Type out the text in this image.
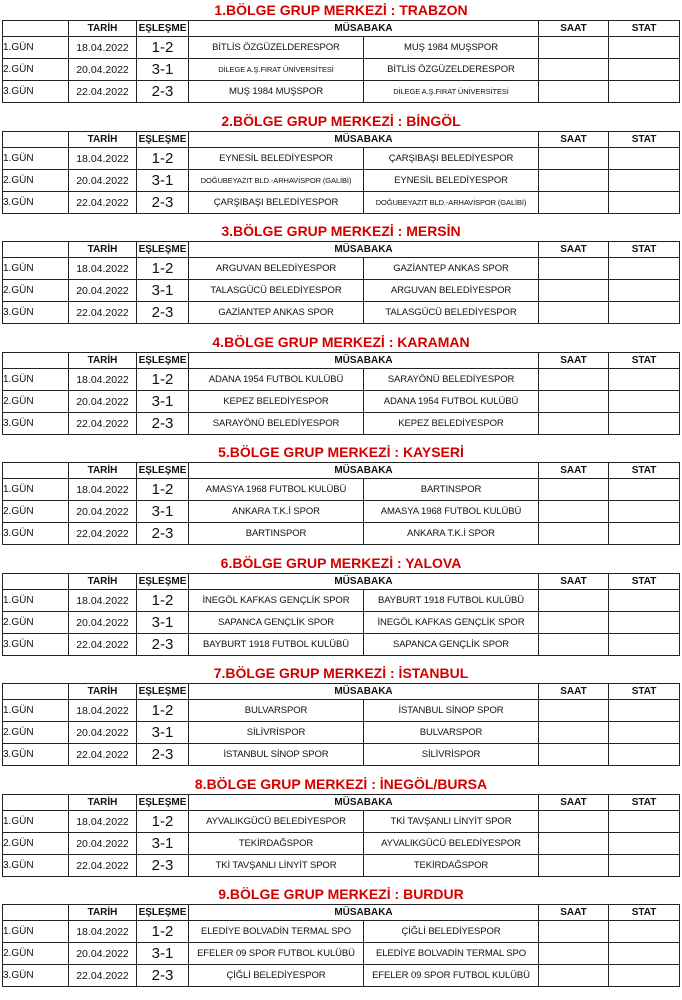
1.BÖLGE GRUP MERKEZİ : TRABZON
	TARİH	EŞLEŞME	MÜSABAKA		SAAT	STAT
1.GÜN	18.04.2022	1-2	BİTLİS ÖZGÜZELDERESPOR	MUŞ 1984 MUŞSPOR		
2.GÜN	20.04.2022	3-1	DİLEGE A.Ş.FIRAT ÜNİVERSİTESİ	BİTLİS ÖZGÜZELDERESPOR		
3.GÜN	22.04.2022	2-3	MUŞ 1984 MUŞSPOR	DİLEGE A.Ş.FIRAT ÜNİVERSİTESİ		
2.BÖLGE GRUP MERKEZİ : BİNGÖL
	TARİH	EŞLEŞME	MÜSABAKA		SAAT	STAT
1.GÜN	18.04.2022	1-2	EYNESİL BELEDİYESPOR	ÇARŞIBAŞI BELEDİYESPOR		
2.GÜN	20.04.2022	3-1	DOĞUBEYAZIT BLD.-ARHAVİSPOR (GALİBİ)	EYNESİL BELEDİYESPOR		
3.GÜN	22.04.2022	2-3	ÇARŞIBAŞI BELEDİYESPOR	DOĞUBEYAZIT BLD.-ARHAVİSPOR (GALİBİ)		
3.BÖLGE GRUP MERKEZİ : MERSİN
	TARİH	EŞLEŞME	MÜSABAKA		SAAT	STAT
1.GÜN	18.04.2022	1-2	ARGUVAN BELEDİYESPOR	GAZİANTEP ANKAS SPOR		
2.GÜN	20.04.2022	3-1	TALASGÜCÜ BELEDİYESPOR	ARGUVAN BELEDİYESPOR		
3.GÜN	22.04.2022	2-3	GAZİANTEP ANKAS SPOR	TALASGÜCÜ BELEDİYESPOR		
4.BÖLGE GRUP MERKEZİ : KARAMAN
	TARİH	EŞLEŞME	MÜSABAKA		SAAT	STAT
1.GÜN	18.04.2022	1-2	ADANA 1954 FUTBOL KULÜBÜ	SARAYÖNÜ BELEDİYESPOR		
2.GÜN	20.04.2022	3-1	KEPEZ BELEDİYESPOR	ADANA 1954 FUTBOL KULÜBÜ		
3.GÜN	22.04.2022	2-3	SARAYÖNÜ BELEDİYESPOR	KEPEZ BELEDİYESPOR		
5.BÖLGE GRUP MERKEZİ : KAYSERİ
	TARİH	EŞLEŞME	MÜSABAKA		SAAT	STAT
1.GÜN	18.04.2022	1-2	AMASYA 1968 FUTBOL KULÜBÜ	BARTINSPOR		
2.GÜN	20.04.2022	3-1	ANKARA T.K.İ SPOR	AMASYA 1968 FUTBOL KULÜBÜ		
3.GÜN	22.04.2022	2-3	BARTINSPOR	ANKARA T.K.İ SPOR		
6.BÖLGE GRUP MERKEZİ : YALOVA
	TARİH	EŞLEŞME	MÜSABAKA		SAAT	STAT
1.GÜN	18.04.2022	1-2	İNEGÖL KAFKAS GENÇLİK SPOR	BAYBURT 1918 FUTBOL KULÜBÜ		
2.GÜN	20.04.2022	3-1	SAPANCA GENÇLİK SPOR	İNEGÖL KAFKAS GENÇLİK SPOR		
3.GÜN	22.04.2022	2-3	BAYBURT 1918 FUTBOL KULÜBÜ	SAPANCA GENÇLİK SPOR		
7.BÖLGE GRUP MERKEZİ : İSTANBUL
	TARİH	EŞLEŞME	MÜSABAKA		SAAT	STAT
1.GÜN	18.04.2022	1-2	BULVARSPOR	İSTANBUL SİNOP SPOR		
2.GÜN	20.04.2022	3-1	SİLİVRİSPOR	BULVARSPOR		
3.GÜN	22.04.2022	2-3	İSTANBUL SİNOP SPOR	SİLİVRİSPOR		
8.BÖLGE GRUP MERKEZİ : İNEGÖL/BURSA
	TARİH	EŞLEŞME	MÜSABAKA		SAAT	STAT
1.GÜN	18.04.2022	1-2	AYVALIKGÜCÜ BELEDİYESPOR	TKİ TAVŞANLI LİNYİT SPOR		
2.GÜN	20.04.2022	3-1	TEKİRDAĞSPOR	AYVALIKGÜCÜ BELEDİYESPOR		
3.GÜN	22.04.2022	2-3	TKİ TAVŞANLI LİNYİT SPOR	TEKİRDAĞSPOR		
9.BÖLGE GRUP MERKEZİ : BURDUR
	TARİH	EŞLEŞME	MÜSABAKA		SAAT	STAT
1.GÜN	18.04.2022	1-2	ELEDİYE BOLVADİN TERMAL SPO	ÇİĞLİ BELEDİYESPOR		
2.GÜN	20.04.2022	3-1	EFELER 09 SPOR FUTBOL KULÜBÜ	ELEDİYE BOLVADİN TERMAL SPO		
3.GÜN	22.04.2022	2-3	ÇİĞLİ BELEDİYESPOR	EFELER 09 SPOR FUTBOL KULÜBÜ		
